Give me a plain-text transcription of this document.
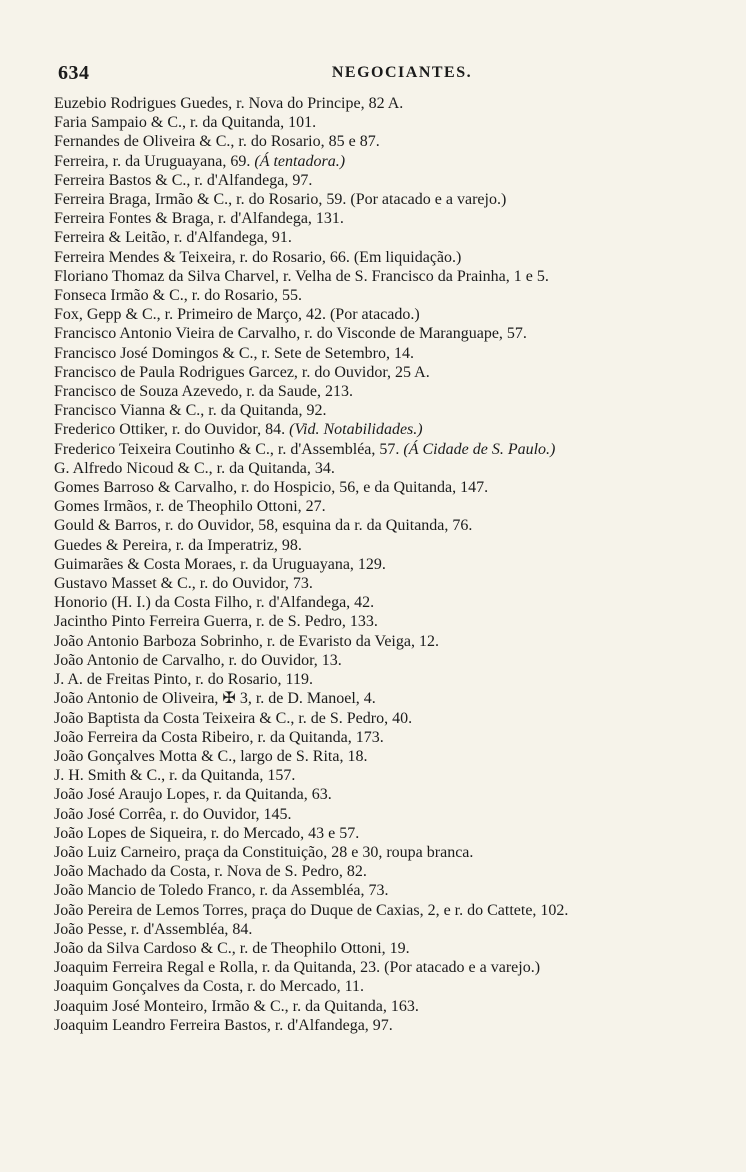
634	NEGOCIANTES.
Euzebio Rodrigues Guedes, r. Nova do Principe, 82 A.
Faria Sampaio & C., r. da Quitanda, 101.
Fernandes de Oliveira & C., r. do Rosario, 85 e 87.
Ferreira, r. da Uruguayana, 69. (Á tentadora.)
Ferreira Bastos & C., r. d'Alfandega, 97.
Ferreira Braga, Irmão & C., r. do Rosario, 59. (Por atacado e a varejo.)
Ferreira Fontes & Braga, r. d'Alfandega, 131.
Ferreira & Leitão, r. d'Alfandega, 91.
Ferreira Mendes & Teixeira, r. do Rosario, 66. (Em liquidação.)
Floriano Thomaz da Silva Charvel, r. Velha de S. Francisco da Prainha, 1 e 5.
Fonseca Irmão & C., r. do Rosario, 55.
Fox, Gepp & C., r. Primeiro de Março, 42. (Por atacado.)
Francisco Antonio Vieira de Carvalho, r. do Visconde de Maranguape, 57.
Francisco José Domingos & C., r. Sete de Setembro, 14.
Francisco de Paula Rodrigues Garcez, r. do Ouvidor, 25 A.
Francisco de Souza Azevedo, r. da Saude, 213.
Francisco Vianna & C., r. da Quitanda, 92.
Frederico Ottiker, r. do Ouvidor, 84. (Vid. Notabilidades.)
Frederico Teixeira Coutinho & C., r. d'Assembléa, 57. (Á Cidade de S. Paulo.)
G. Alfredo Nicoud & C., r. da Quitanda, 34.
Gomes Barroso & Carvalho, r. do Hospicio, 56, e da Quitanda, 147.
Gomes Irmãos, r. de Theophilo Ottoni, 27.
Gould & Barros, r. do Ouvidor, 58, esquina da r. da Quitanda, 76.
Guedes & Pereira, r. da Imperatriz, 98.
Guimarães & Costa Moraes, r. da Uruguayana, 129.
Gustavo Masset & C., r. do Ouvidor, 73.
Honorio (H. I.) da Costa Filho, r. d'Alfandega, 42.
Jacintho Pinto Ferreira Guerra, r. de S. Pedro, 133.
João Antonio Barboza Sobrinho, r. de Evaristo da Veiga, 12.
João Antonio de Carvalho, r. do Ouvidor, 13.
J. A. de Freitas Pinto, r. do Rosario, 119.
João Antonio de Oliveira, ✠ 3, r. de D. Manoel, 4.
João Baptista da Costa Teixeira & C., r. de S. Pedro, 40.
João Ferreira da Costa Ribeiro, r. da Quitanda, 173.
João Gonçalves Motta & C., largo de S. Rita, 18.
J. H. Smith & C., r. da Quitanda, 157.
João José Araujo Lopes, r. da Quitanda, 63.
João José Corrêa, r. do Ouvidor, 145.
João Lopes de Siqueira, r. do Mercado, 43 e 57.
João Luiz Carneiro, praça da Constituição, 28 e 30, roupa branca.
João Machado da Costa, r. Nova de S. Pedro, 82.
João Mancio de Toledo Franco, r. da Assembléa, 73.
João Pereira de Lemos Torres, praça do Duque de Caxias, 2, e r. do Cattete, 102.
João Pesse, r. d'Assembléa, 84.
João da Silva Cardoso & C., r. de Theophilo Ottoni, 19.
Joaquim Ferreira Regal e Rolla, r. da Quitanda, 23. (Por atacado e a varejo.)
Joaquim Gonçalves da Costa, r. do Mercado, 11.
Joaquim José Monteiro, Irmão & C., r. da Quitanda, 163.
Joaquim Leandro Ferreira Bastos, r. d'Alfandega, 97.
